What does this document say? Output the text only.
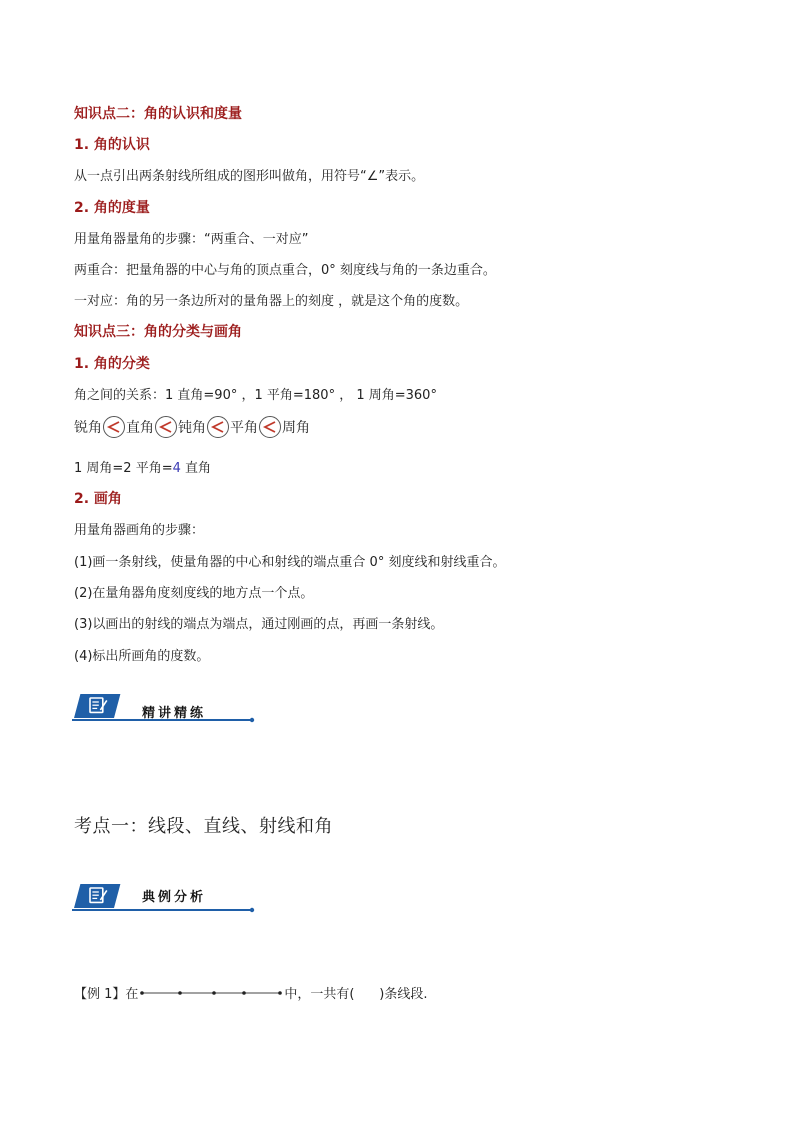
知识点二：角的认识和度量
1. 角的认识
从一点引出两条射线所组成的图形叫做角，用符号“∠”表示。
2. 角的度量
用量角器量角的步骤：“两重合、一对应”
两重合：把量角器的中心与角的顶点重合，0° 刻度线与角的一条边重合。
一对应：角的另一条边所对的量角器上的刻度 ，就是这个角的度数。
知识点三：角的分类与画角
1. 角的分类
角之间的关系：1 直角=90° ，1 平角=180° ， 1 周角=360°
锐角 直角 钝角 平角 周角
1 周角=2 平角=4 直角
2. 画角
用量角器画角的步骤：
(1)画一条射线，使量角器的中心和射线的端点重合 0° 刻度线和射线重合。
(2)在量角器角度刻度线的地方点一个点。
(3)以画出的射线的端点为端点，通过刚画的点，再画一条射线。
(4)标出所画角的度数。
精讲精练
考点一：线段、直线、射线和角
典例分析
【例 1】在	中，一共有(
)条线段.
